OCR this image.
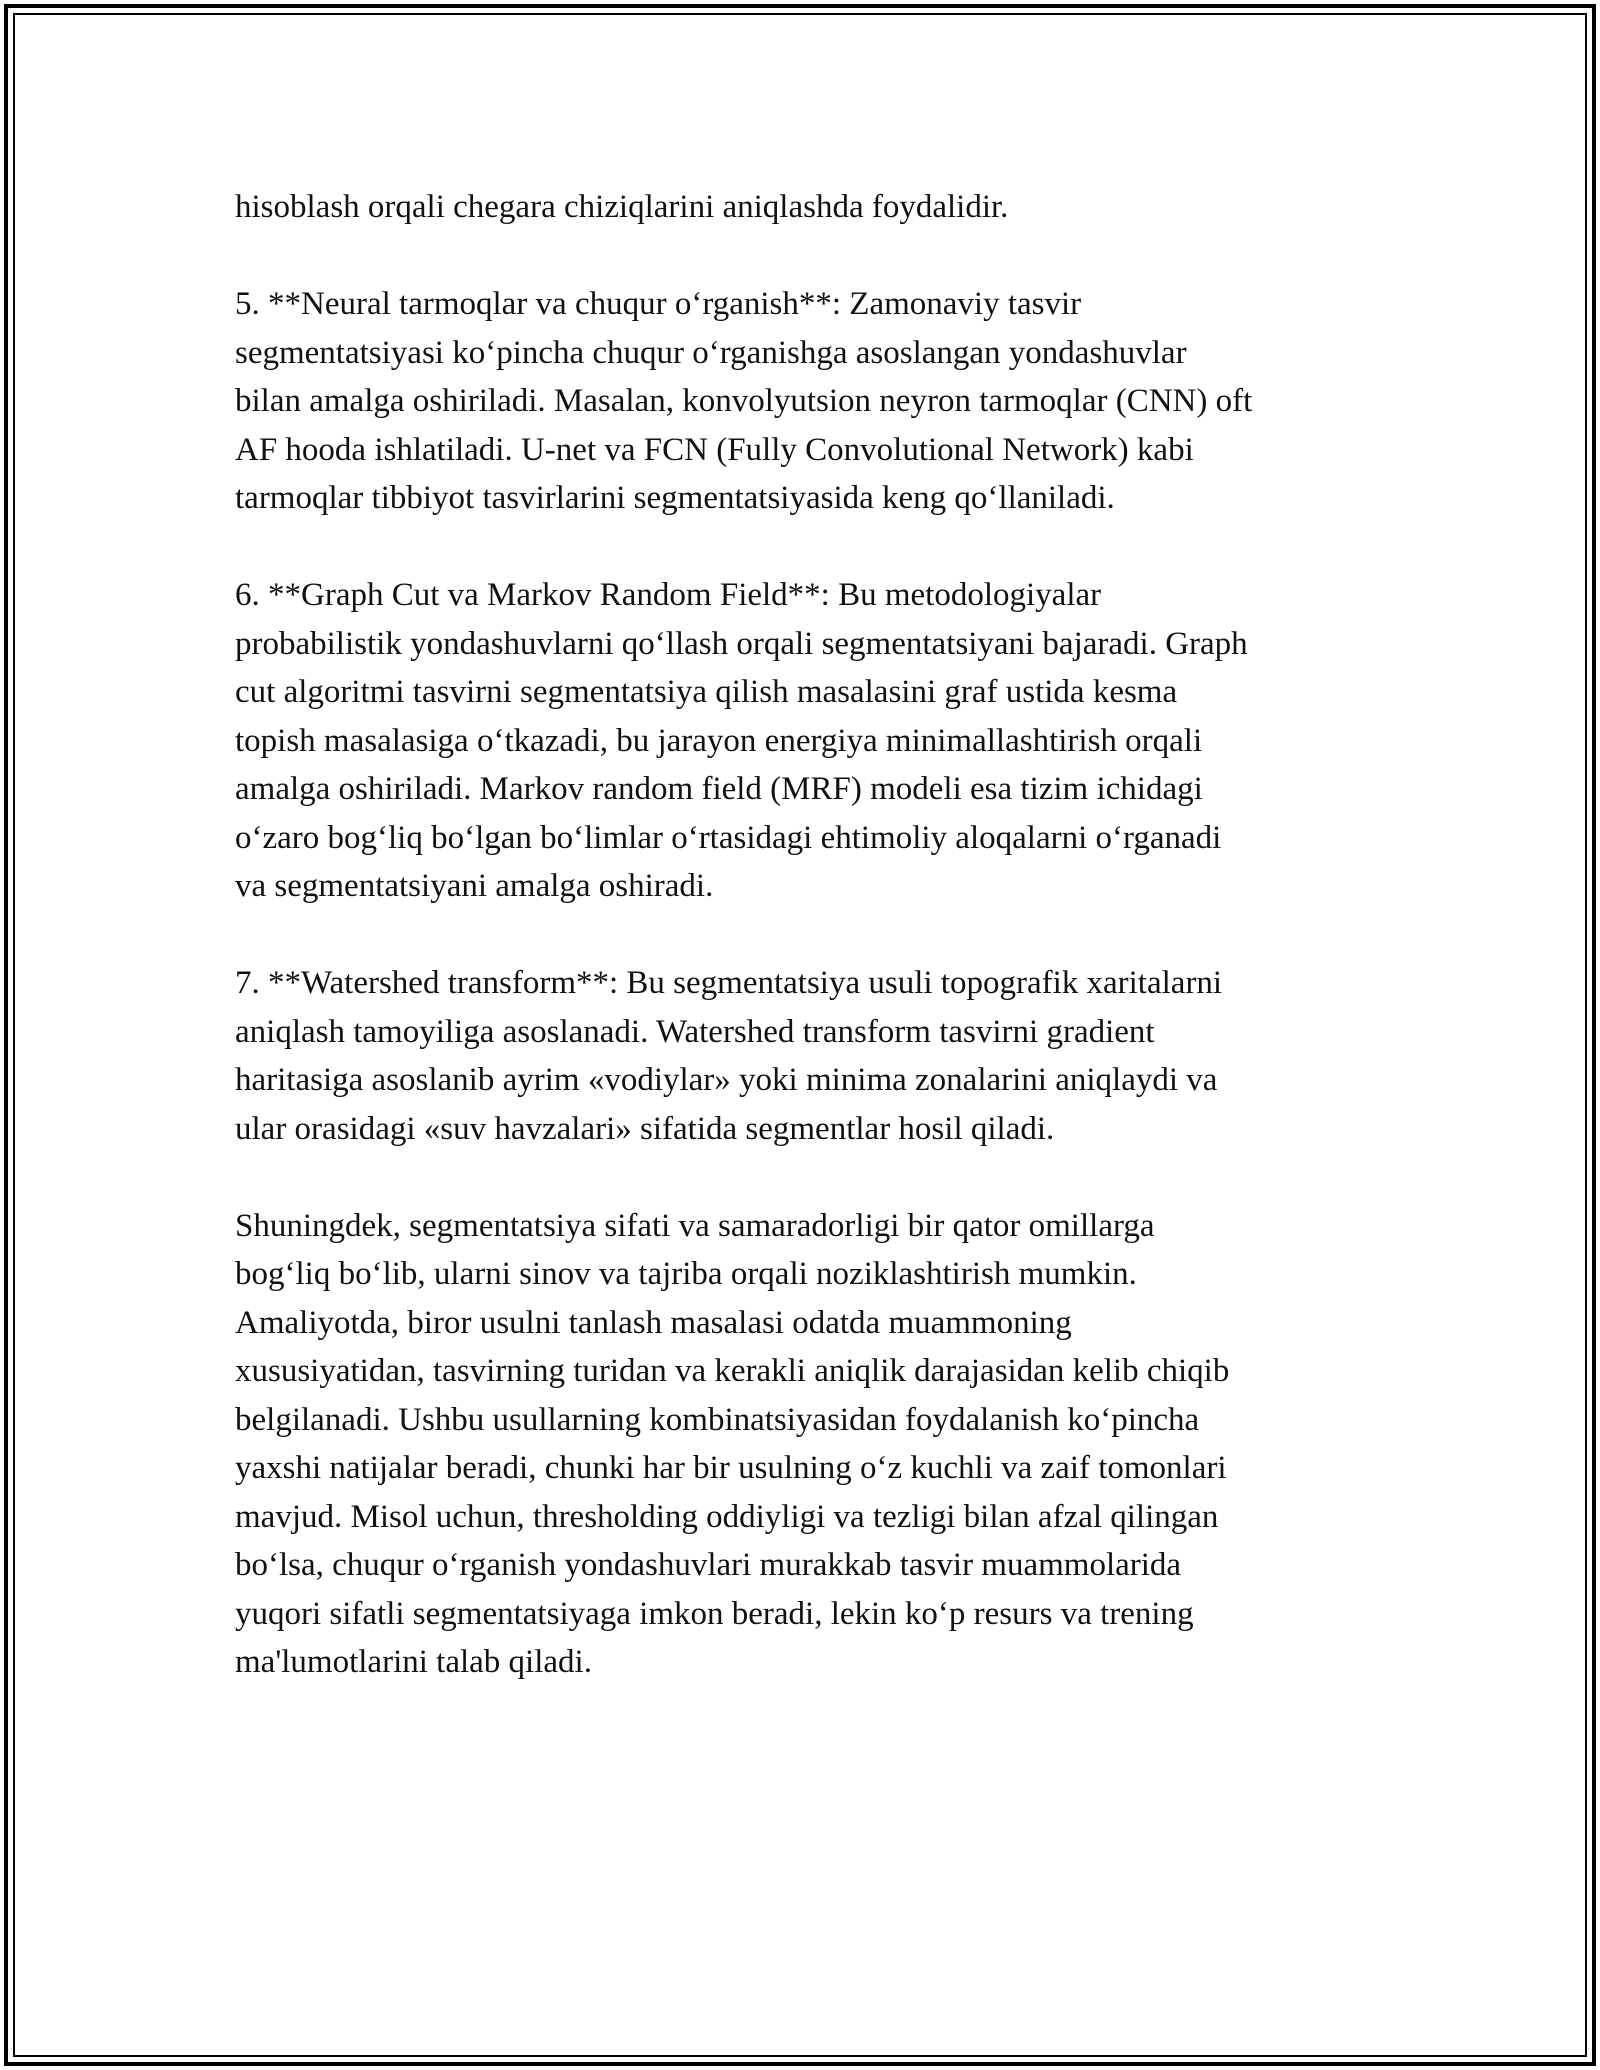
hisoblash orqali chegara chiziqlarini aniqlashda foydalidir.

5. **Neural tarmoqlar va chuqur o‘rganish**: Zamonaviy tasvir
segmentatsiyasi ko‘pincha chuqur o‘rganishga asoslangan yondashuvlar
bilan amalga oshiriladi. Masalan, konvolyutsion neyron tarmoqlar (CNN) oft
AF hooda ishlatiladi. U-net va FCN (Fully Convolutional Network) kabi
tarmoqlar tibbiyot tasvirlarini segmentatsiyasida keng qo‘llaniladi.

6. **Graph Cut va Markov Random Field**: Bu metodologiyalar
probabilistik yondashuvlarni qo‘llash orqali segmentatsiyani bajaradi. Graph
cut algoritmi tasvirni segmentatsiya qilish masalasini graf ustida kesma
topish masalasiga o‘tkazadi, bu jarayon energiya minimallashtirish orqali
amalga oshiriladi. Markov random field (MRF) modeli esa tizim ichidagi
o‘zaro bog‘liq bo‘lgan bo‘limlar o‘rtasidagi ehtimoliy aloqalarni o‘rganadi
va segmentatsiyani amalga oshiradi.

7. **Watershed transform**: Bu segmentatsiya usuli topografik xaritalarni
aniqlash tamoyiliga asoslanadi. Watershed transform tasvirni gradient
haritasiga asoslanib ayrim «vodiylar» yoki minima zonalarini aniqlaydi va
ular orasidagi «suv havzalari» sifatida segmentlar hosil qiladi.

Shuningdek, segmentatsiya sifati va samaradorligi bir qator omillarga
bog‘liq bo‘lib, ularni sinov va tajriba orqali noziklashtirish mumkin.
Amaliyotda, biror usulni tanlash masalasi odatda muammoning
xususiyatidan, tasvirning turidan va kerakli aniqlik darajasidan kelib chiqib
belgilanadi. Ushbu usullarning kombinatsiyasidan foydalanish ko‘pincha
yaxshi natijalar beradi, chunki har bir usulning o‘z kuchli va zaif tomonlari
mavjud. Misol uchun, thresholding oddiyligi va tezligi bilan afzal qilingan
bo‘lsa, chuqur o‘rganish yondashuvlari murakkab tasvir muammolarida
yuqori sifatli segmentatsiyaga imkon beradi, lekin ko‘p resurs va trening
ma'lumotlarini talab qiladi.
